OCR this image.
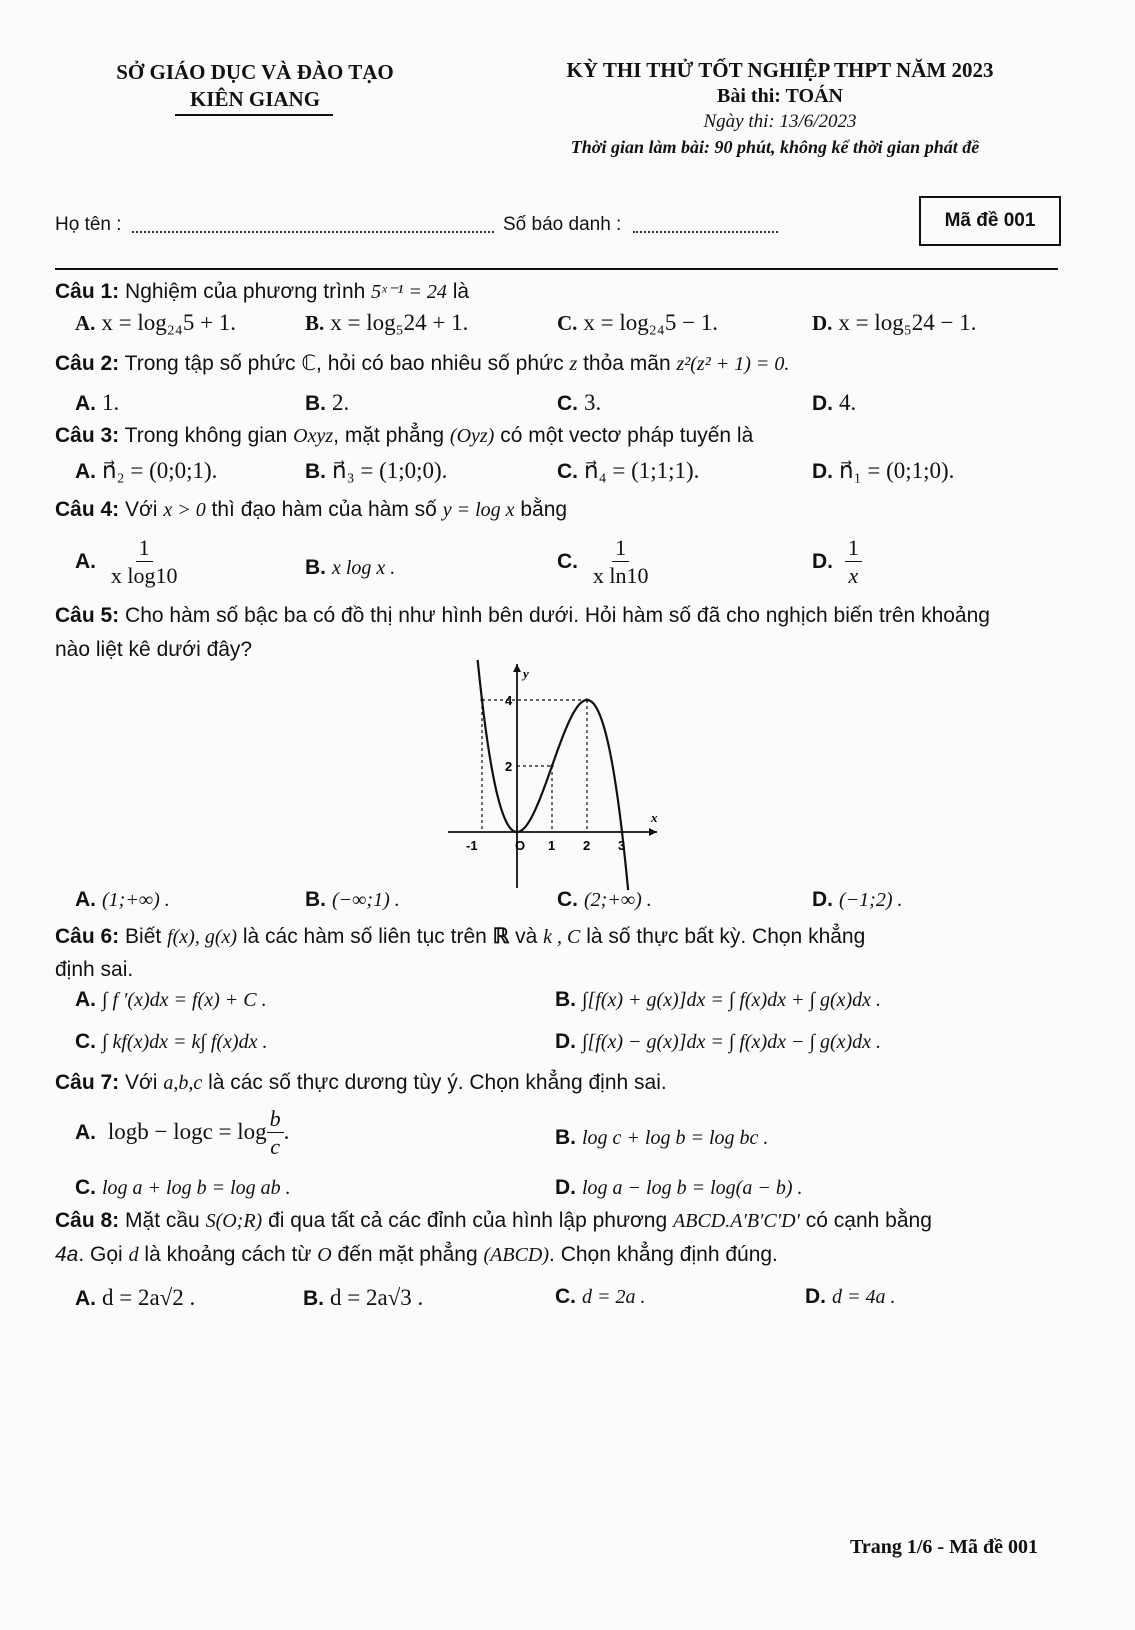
SỞ GIÁO DỤC VÀ ĐÀO TẠO
KIÊN GIANG
KỲ THI THỬ TỐT NGHIỆP THPT NĂM 2023
Bài thi: TOÁN
Ngày thi: 13/6/2023
Thời gian làm bài: 90 phút, không kể thời gian phát đề
Họ tên :	Số báo danh :	Mã đề 001
Câu 1: Nghiệm của phương trình 5ˣ⁻¹ = 24 là
A. x = log₂₄5 + 1.	B. x = log₅24 + 1.	C. x = log₂₄5 − 1.	D. x = log₅24 − 1.
Câu 2: Trong tập số phức ℂ, hỏi có bao nhiêu số phức z thỏa mãn z²(z² + 1) = 0.
A. 1.	B. 2.	C. 3.	D. 4.
Câu 3: Trong không gian Oxyz, mặt phẳng (Oyz) có một vectơ pháp tuyến là
A. n⃗₂ = (0;0;1).	B. n⃗₃ = (1;0;0).	C. n⃗₄ = (1;1;1).	D. n⃗₁ = (0;1;0).
Câu 4: Với x > 0 thì đạo hàm của hàm số y = log x bằng
A. $\frac{1}{\text{x log10}}$	B. x log x .	C. $\frac{1}{\text{x ln10}}$	D. $\frac{1}{x}$
Câu 5: Cho hàm số bậc ba có đồ thị như hình bên dưới. Hỏi hàm số đã cho nghịch biến trên khoảng
nào liệt kê dưới đây?
x
y
-1	O 1 2 3
2
4
A. (1;+∞) .	B. (−∞;1) .	C. (2;+∞) .	D. (−1;2) .
Câu 6: Biết f(x), g(x) là các hàm số liên tục trên ℝ và k , C là số thực bất kỳ. Chọn khẳng
định sai.
A. ∫ f ′(x)dx = f(x) + C .	B. ∫[f(x) + g(x)]dx = ∫ f(x)dx + ∫ g(x)dx .
C. ∫ kf(x)dx = k∫ f(x)dx .	D. ∫[f(x) − g(x)]dx = ∫ f(x)dx − ∫ g(x)dx .
Câu 7: Với a,b,c là các số thực dương tùy ý. Chọn khẳng định sai.
A. $\log b - \log c = \log \frac{b}{c}$ .	B. log c + log b = log bc .
C. log a + log b = log ab .	D. log a − log b = log(a − b) .
Câu 8: Mặt cầu S(O;R) đi qua tất cả các đỉnh của hình lập phương ABCD.A′B′C′D′ có cạnh bằng
4a. Gọi d là khoảng cách từ O đến mặt phẳng (ABCD). Chọn khẳng định đúng.
A. d = 2a√2 .	B. d = 2a√3 .	C. d = 2a .	D. d = 4a .
Trang 1/6 - Mã đề 001
